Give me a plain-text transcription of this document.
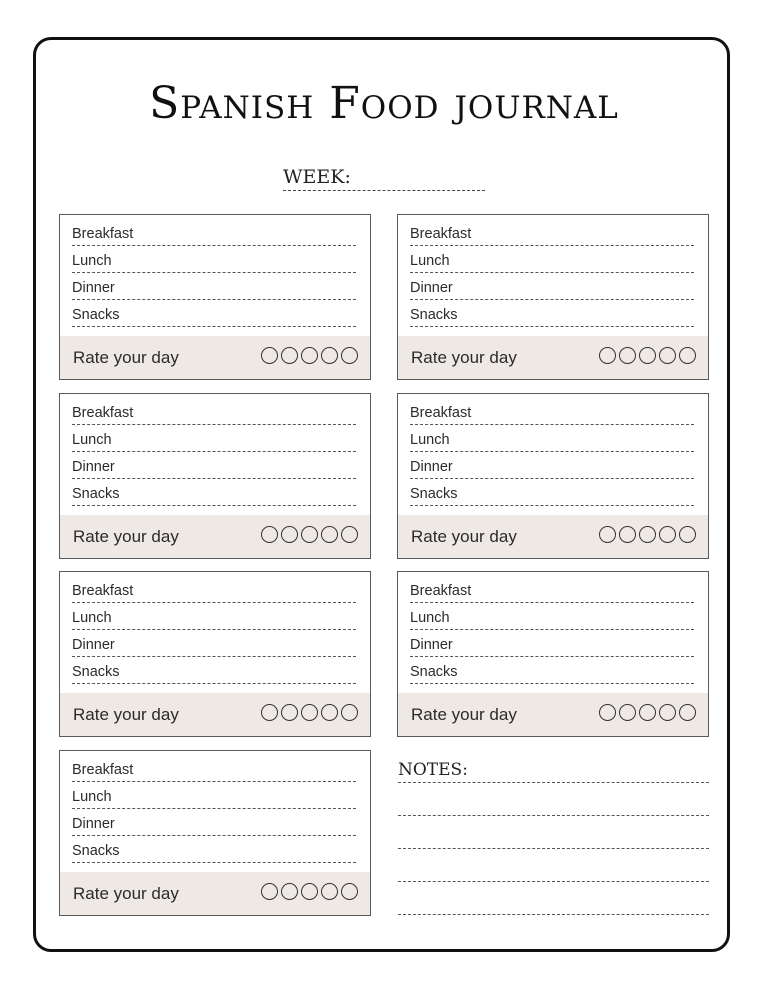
Spanish Food journal
WEEK:
Breakfast
Lunch
Dinner
Snacks
Rate your day
Breakfast
Lunch
Dinner
Snacks
Rate your day
Breakfast
Lunch
Dinner
Snacks
Rate your day
Breakfast
Lunch
Dinner
Snacks
Rate your day
Breakfast
Lunch
Dinner
Snacks
Rate your day
Breakfast
Lunch
Dinner
Snacks
Rate your day
Breakfast
Lunch
Dinner
Snacks
Rate your day
NOTES:
